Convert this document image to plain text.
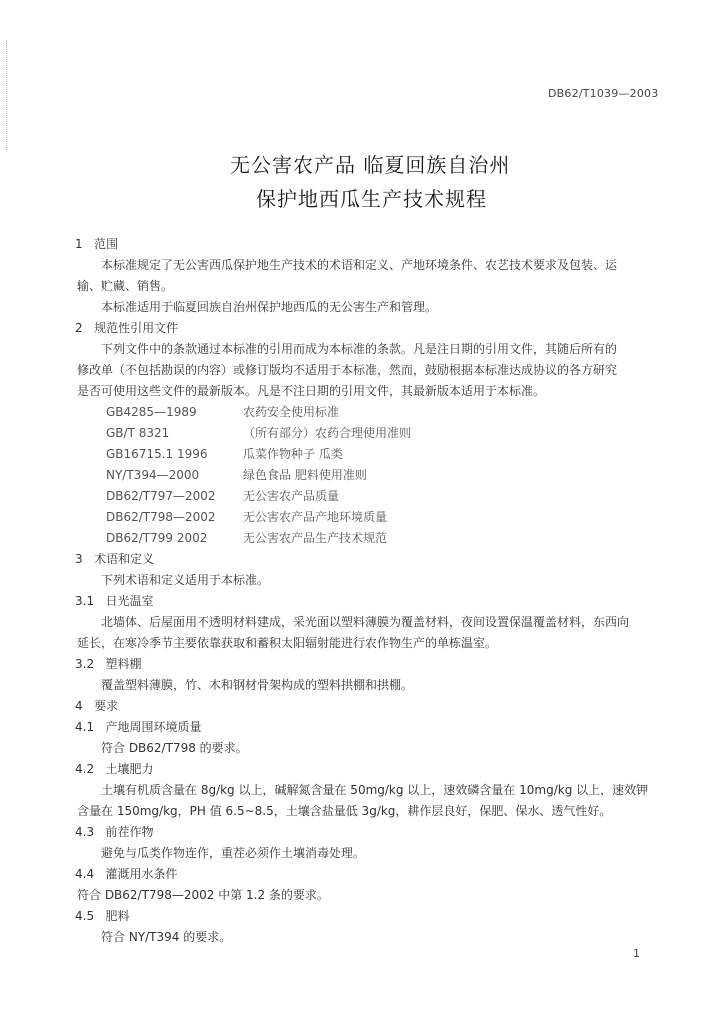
DB62/T1039—2003
无公害农产品 临夏回族自治州
保护地西瓜生产技术规程
1 范围
本标准规定了无公害西瓜保护地生产技术的术语和定义、产地环境条件、农艺技术要求及包装、运
输、贮藏、销售。
本标准适用于临夏回族自治州保护地西瓜的无公害生产和管理。
2 规范性引用文件
下列文件中的条款通过本标准的引用而成为本标准的条款。凡是注日期的引用文件，其随后所有的
修改单（不包括勘误的内容）或修订版均不适用于本标准，然而，鼓励根据本标准达成协议的各方研究
是否可使用这些文件的最新版本。凡是不注日期的引用文件，其最新版本适用于本标准。
GB4285—1989	农药安全使用标准
GB/T 8321	（所有部分）农药合理使用准则
GB16715.1 1996	瓜菜作物种子 瓜类
NY/T394—2000	绿色食品 肥料使用准则
DB62/T797—2002 无公害农产品质量
DB62/T798—2002 无公害农产品产地环境质量
DB62/T799 2002	无公害农产品生产技术规范
3 术语和定义
下列术语和定义适用于本标准。
3.1 日光温室
北墙体、后屋面用不透明材料建成，采光面以塑料薄膜为覆盖材料，夜间设置保温覆盖材料，东西向
延长，在寒冷季节主要依靠获取和蓄积太阳辐射能进行农作物生产的单栋温室。
3.2 塑料棚
覆盖塑料薄膜，竹、木和钢材骨架构成的塑料拱棚和拱棚。
4 要求
4.1 产地周围环境质量
符合 DB62/T798 的要求。
4.2 土壤肥力
土壤有机质含量在 8g/kg 以上，碱解氮含量在 50mg/kg 以上，速效磷含量在 10mg/kg 以上，速效钾
含量在 150mg/kg，PH 值 6.5~8.5，土壤含盐量低 3g/kg，耕作层良好，保肥、保水、透气性好。
4.3 前茬作物
避免与瓜类作物连作，重茬必须作土壤消毒处理。
4.4 灌溉用水条件
符合 DB62/T798—2002 中第 1.2 条的要求。
4.5 肥料
符合 NY/T394 的要求。
1
